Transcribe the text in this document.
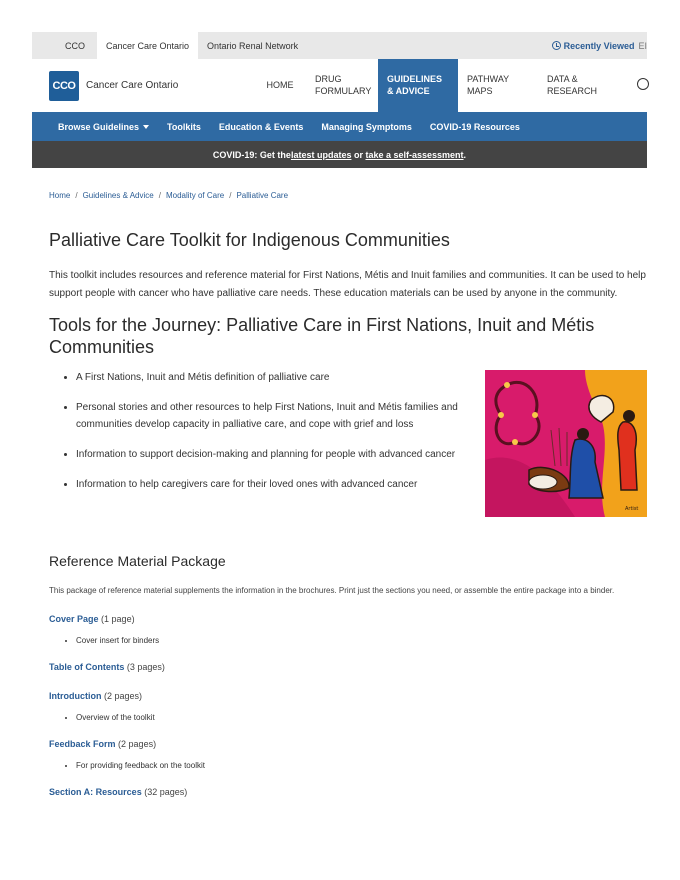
CCO	Cancer Care Ontario	Ontario Renal Network	Recently Viewed EI
CCO	Cancer Care Ontario	HOME
DRUG FORMULARY
GUIDELINES & ADVICE
PATHWAY MAPS
DATA & RESEARCH
Browse Guidelines	Toolkits Education & Events Managing Symptoms COVID-19 Resources
COVID-19: Get the latest updates or take a self-assessment .
Home / Guidelines & Advice / Modality of Care / Palliative Care
Palliative Care Toolkit for Indigenous Communities

This toolkit includes resources and reference material for First Nations, Métis and Inuit families and communities. It can be used to help support people with cancer who have palliative care needs. These education materials can be used by anyone in the community.

Tools for the Journey: Palliative Care in First Nations, Inuit and Métis Communities
• A First Nations, Inuit and Métis definition of palliative care
• Personal stories and other resources to help First Nations, Inuit and Métis families and communities develop capacity in palliative care, and cope with grief and loss
• Information to support decision-making and planning for people with advanced cancer
• Information to help caregivers care for their loved ones with advanced cancer
Artist
Reference Material Package

This package of reference material supplements the information in the brochures. Print just the sections you need, or assemble the entire package into a binder.

Cover Page (1 page)
• Cover insert for binders
Table of Contents (3 pages)
Introduction (2 pages)
• Overview of the toolkit
Feedback Form (2 pages)
• For providing feedback on the toolkit
Section A: Resources (32 pages)
